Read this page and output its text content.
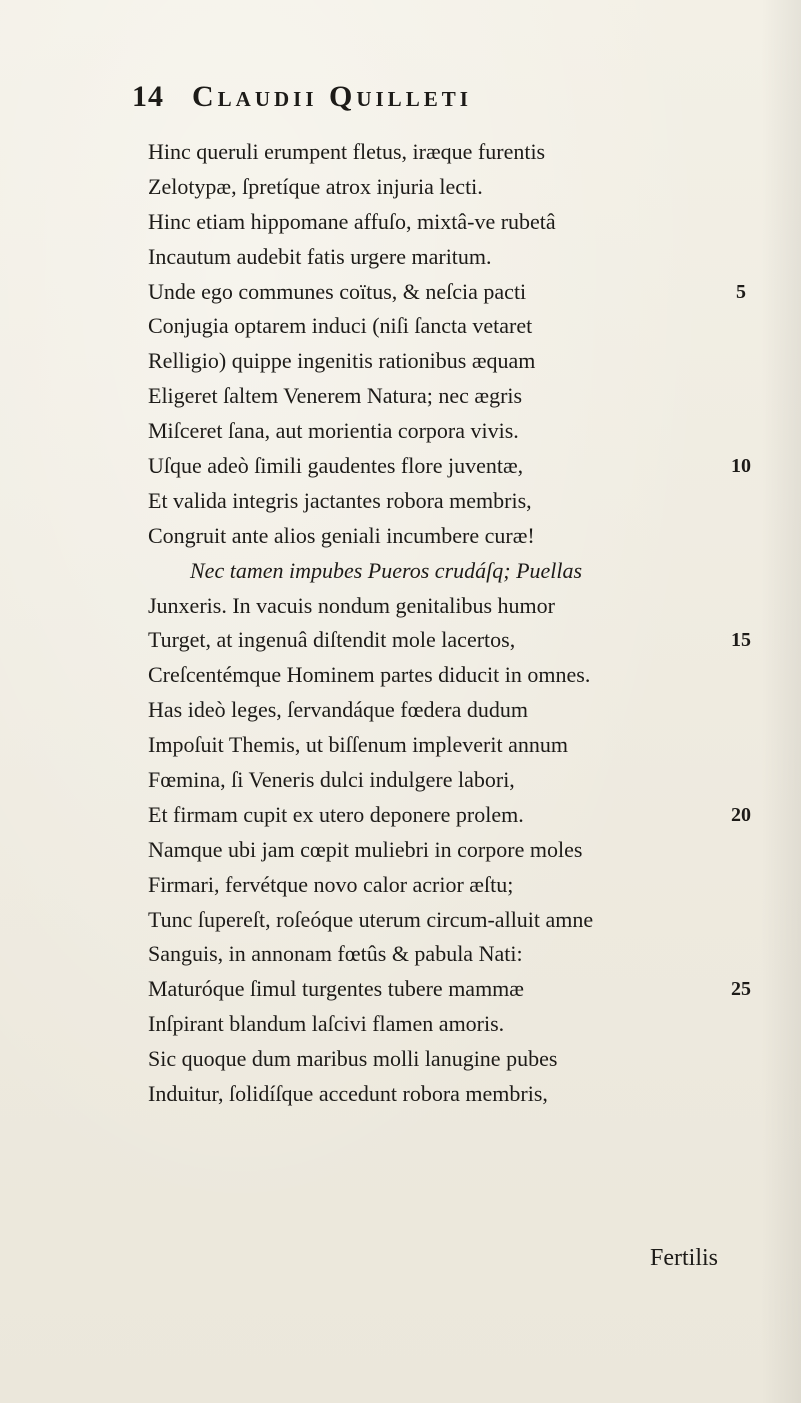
14 Claudii Quilleti
Hinc queruli erumpent fletus, iræque furentis
Zelotypæ, ſpretíque atrox injuria lecti.
Hinc etiam hippomane affuſo, mixtâ-ve rubetâ
Incautum audebit fatis urgere maritum.
Unde ego communes coïtus, & neſcia pacti	5
Conjugia optarem induci (niſi ſancta vetaret
Relligio) quippe ingenitis rationibus æquam
Eligeret ſaltem Venerem Natura; nec ægris
Miſceret ſana, aut morientia corpora vivis.
Uſque adeò ſimili gaudentes flore juventæ,	10
Et valida integris jactantes robora membris,
Congruit ante alios geniali incumbere curæ!
Nec tamen impubes Pueros crudáſq; Puellas
Junxeris. In vacuis nondum genitalibus humor
Turget, at ingenuâ diſtendit mole lacertos,	15
Creſcentémque Hominem partes diducit in omnes.
Has ideò leges, ſervandáque fœdera dudum
Impoſuit Themis, ut biſſenum impleverit annum
Fœmina, ſi Veneris dulci indulgere labori,
Et firmam cupit ex utero deponere prolem.	20
Namque ubi jam cœpit muliebri in corpore moles
Firmari, fervétque novo calor acrior æſtu;
Tunc ſupereſt, roſeóque uterum circum-alluit amne
Sanguis, in annonam fœtûs & pabula Nati:
Maturóque ſimul turgentes tubere mammæ	25
Inſpirant blandum laſcivi flamen amoris.
Sic quoque dum maribus molli lanugine pubes
Induitur, ſolidíſque accedunt robora membris,
Fertilis
